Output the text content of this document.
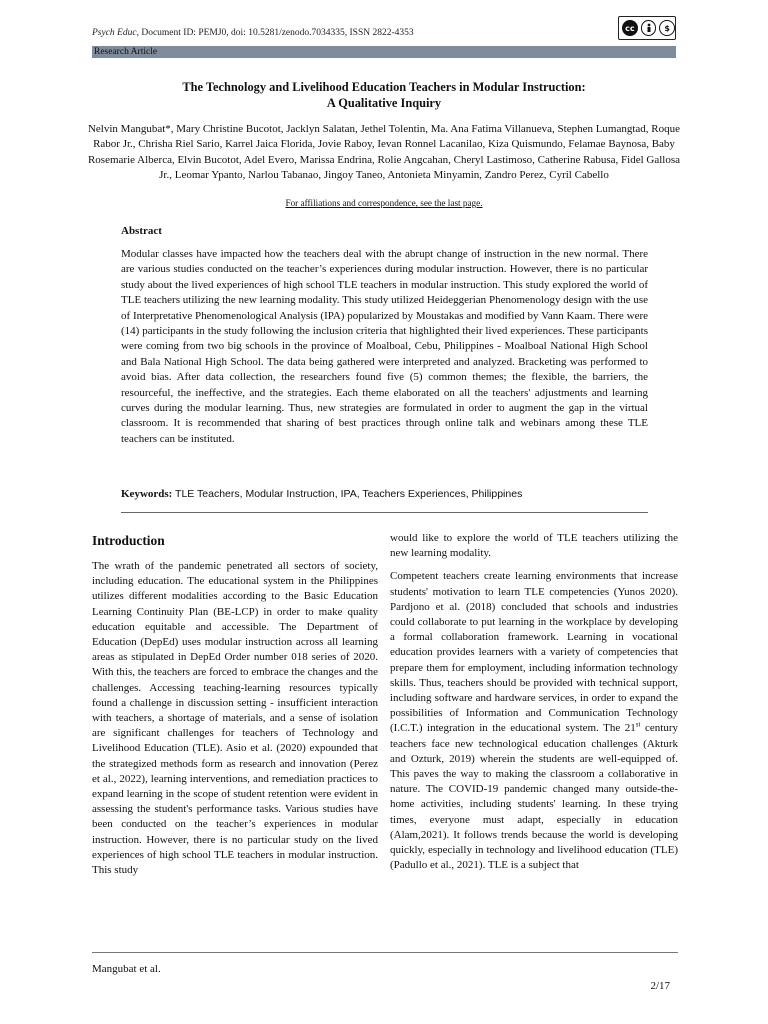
Psych Educ, Document ID: PEMJ0, doi: 10.5281/zenodo.7034335, ISSN 2822-4353	cc	$
Research Article
The Technology and Livelihood Education Teachers in Modular Instruction:
A Qualitative Inquiry
Nelvin Mangubat*, Mary Christine Bucotot, Jacklyn Salatan, Jethel Tolentin, Ma. Ana Fatima Villanueva, Stephen Lumangtad, Roque Rabor Jr., Chrisha Riel Sario, Karrel Jaica Florida, Jovie Raboy, Ievan Ronnel Lacanilao, Kiza Quismundo, Felamae Baynosa, Baby Rosemarie Alberca, Elvin Bucotot, Adel Evero, Marissa Endrina, Rolie Angcahan, Cheryl Lastimoso, Catherine Rabusa, Fidel Gallosa Jr., Leomar Ypanto, Narlou Tabanao, Jingoy Taneo, Antonieta Minyamin, Zandro Perez, Cyril Cabello
For affiliations and correspondence, see the last page.
Abstract
Modular classes have impacted how the teachers deal with the abrupt change of instruction in the new normal. There are various studies conducted on the teacher’s experiences during modular instruction. However, there is no particular study about the lived experiences of high school TLE teachers in modular instruction. This study explored the world of TLE teachers utilizing the new learning modality. This study utilized Heideggerian Phenomenology design with the use of Interpretative Phenomenological Analysis (IPA) popularized by Moustakas and modified by Vann Kaam. There were (14) participants in the study following the inclusion criteria that highlighted their lived experiences. These participants were coming from two big schools in the province of Moalboal, Cebu, Philippines - Moalboal National High School and Bala National High School. The data being gathered were interpreted and analyzed. Bracketing was performed to avoid bias. After data collection, the researchers found five (5) common themes; the flexible, the barriers, the resourceful, the ineffective, and the strategies. Each theme elaborated on all the teachers' adjustments and learning curves during the modular learning. Thus, new strategies are formulated in order to augment the gap in the virtual classroom. It is recommended that sharing of best practices through online talk and webinars among these TLE teachers can be instituted.
Keywords: TLE Teachers, Modular Instruction, IPA, Teachers Experiences, Philippines
Introduction

The wrath of the pandemic penetrated all sectors of society, including education. The educational system in the Philippines utilizes different modalities according to the Basic Education Learning Continuity Plan (BE-LCP) in order to make quality education equitable and accessible. The Department of Education (DepEd) uses modular instruction across all learning areas as stipulated in DepEd Order number 018 series of 2020. With this, the teachers are forced to embrace the changes and the challenges. Accessing teaching-learning resources typically found a challenge in discussion setting - insufficient interaction with teachers, a shortage of materials, and a sense of isolation are significant challenges for teachers of Technology and Livelihood Education (TLE). Asio et al. (2020) expounded that the strategized methods form as research and innovation (Perez et al., 2022), learning interventions, and remediation practices to expand learning in the scope of student retention were evident in assessing the student's performance tasks. Various studies have been conducted on the teacher’s experiences in modular instruction. However, there is no particular study on the lived experiences of high school TLE teachers in modular instruction. This study

would like to explore the world of TLE teachers utilizing the new learning modality.

Competent teachers create learning environments that increase students' motivation to learn TLE competencies (Yunos 2020). Pardjono et al. (2018) concluded that schools and industries could collaborate to put learning in the workplace by developing a formal collaboration framework. Learning in vocational education provides learners with a variety of competencies that prepare them for employment, including information technology skills. Thus, teachers should be provided with technical support, including software and hardware services, in order to expand the possibilities of Information and Communication Technology (I.C.T.) integration in the educational system. The 21st century teachers face new technological education challenges (Akturk and Ozturk, 2019) wherein the students are well-equipped of. This paves the way to making the classroom a collaborative in nature. The COVID-19 pandemic changed many outside-the-home activities, including students' learning. In these trying times, everyone must adapt, especially in education (Alam,2021). It follows trends because the world is developing quickly, especially in technology and livelihood education (TLE) (Padullo et al., 2021). TLE is a subject that

Mangubat et al.
2/17
